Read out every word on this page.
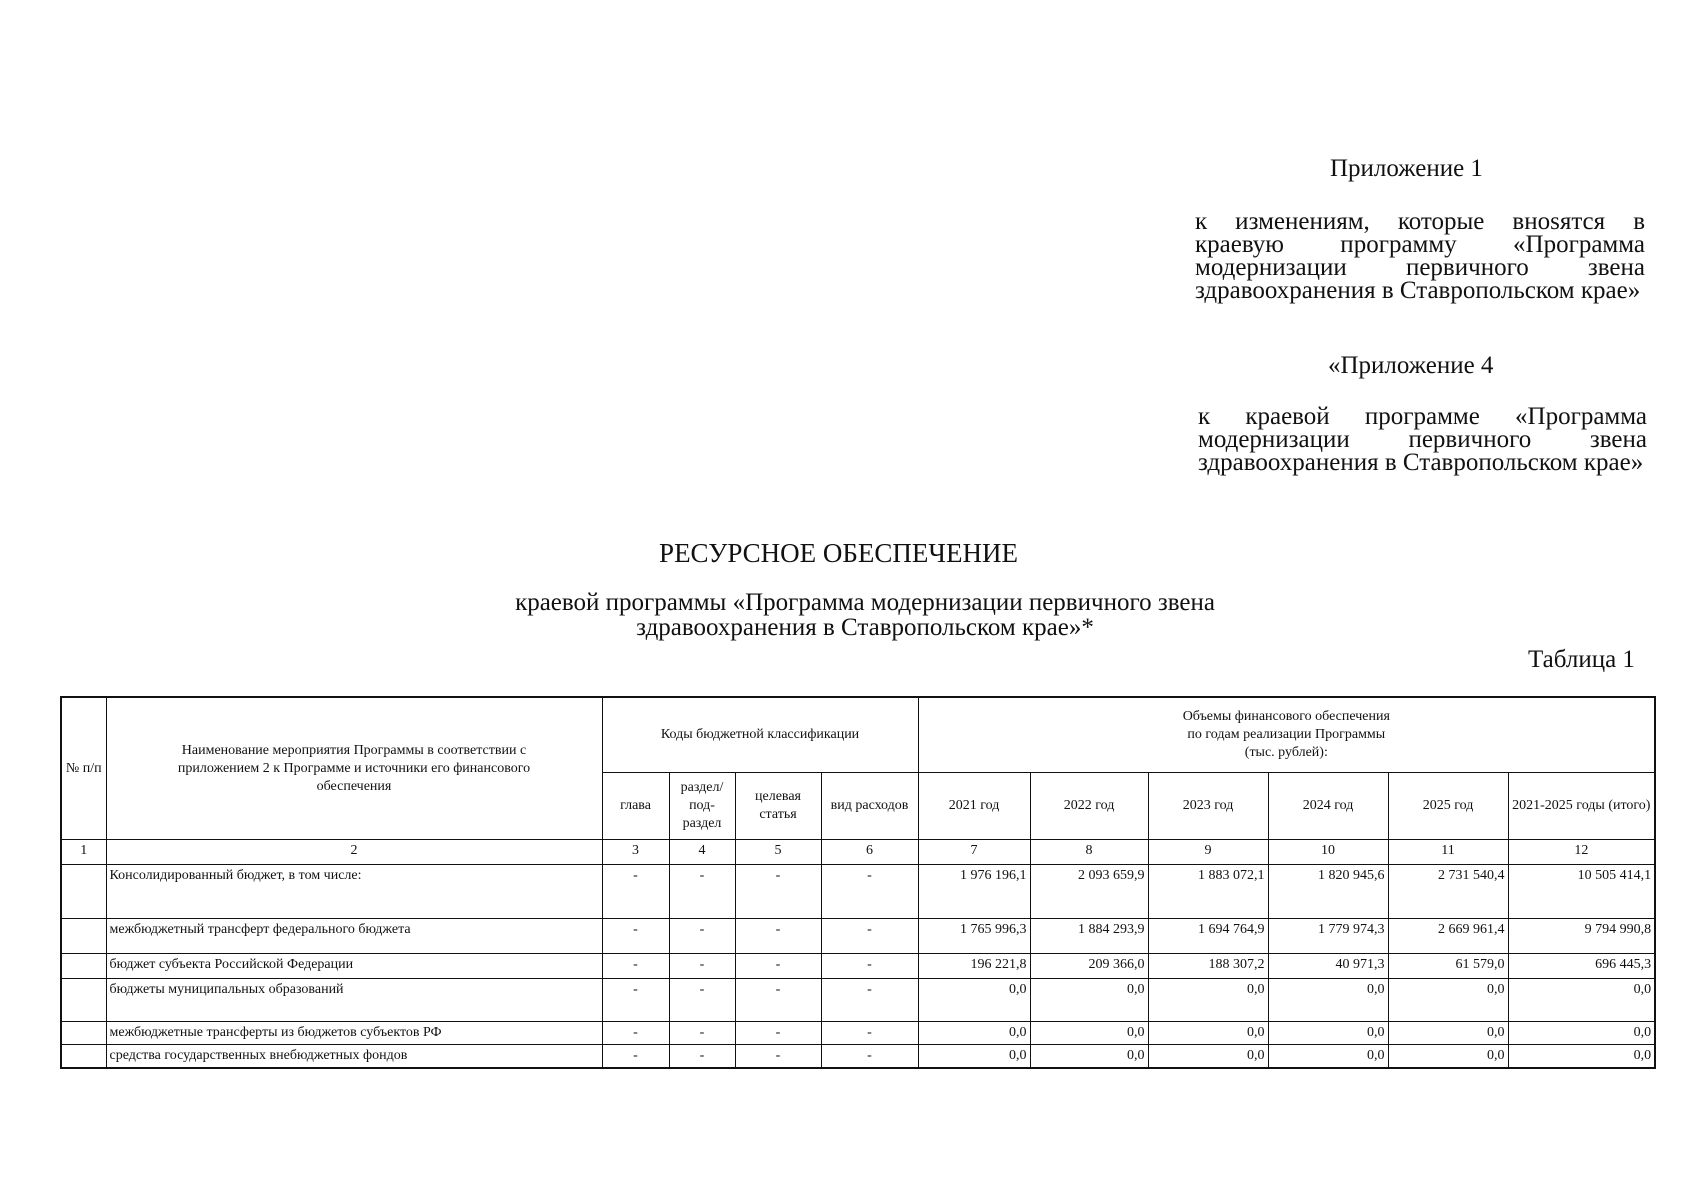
Приложение 1
к изменениям, которые внosятся в краевую программу «Программа модернизации первичного звена здравоохранения в Ставропольском крае»
«Приложение 4
к краевой программе «Программа модернизации первичного звена здравоохранения в Ставропольском крае»
РЕСУРСНОЕ ОБЕСПЕЧЕНИЕ
краевой программы «Программа модернизации первичного звена здравоохранения в Ставропольском крае»*
Таблица 1
№ п/п	Наименование мероприятия Программы в соответствии с приложением 2 к Программе и источники его финансового обеспечения	Коды бюджетной классификации				Объемы финансового обеспечения по годам реализации Программы (тыс. рублей):					
		глава	раздел/ под-раздел	целевая статья	вид расходов	2021 год	2022 год	2023 год	2024 год	2025 год	2021-2025 годы (итого)
1	2	3	4	5	6	7	8	9	10	11	12
	Консолидированный бюджет, в том числе:	-	-	-	-	1 976 196,1	2 093 659,9	1 883 072,1	1 820 945,6	2 731 540,4	10 505 414,1
	межбюджетный трансферт федерального бюджета	-	-	-	-	1 765 996,3	1 884 293,9	1 694 764,9	1 779 974,3	2 669 961,4	9 794 990,8
	бюджет субъекта Российской Федерации	-	-	-	-	196 221,8	209 366,0	188 307,2	40 971,3	61 579,0	696 445,3
	бюджеты муниципальных образований	-	-	-	-	0,0	0,0	0,0	0,0	0,0	0,0
	межбюджетные трансферты из бюджетов субъектов РФ	-	-	-	-	0,0	0,0	0,0	0,0	0,0	0,0
	средства государственных внебюджетных фондов	-	-	-	-	0,0	0,0	0,0	0,0	0,0	0,0
